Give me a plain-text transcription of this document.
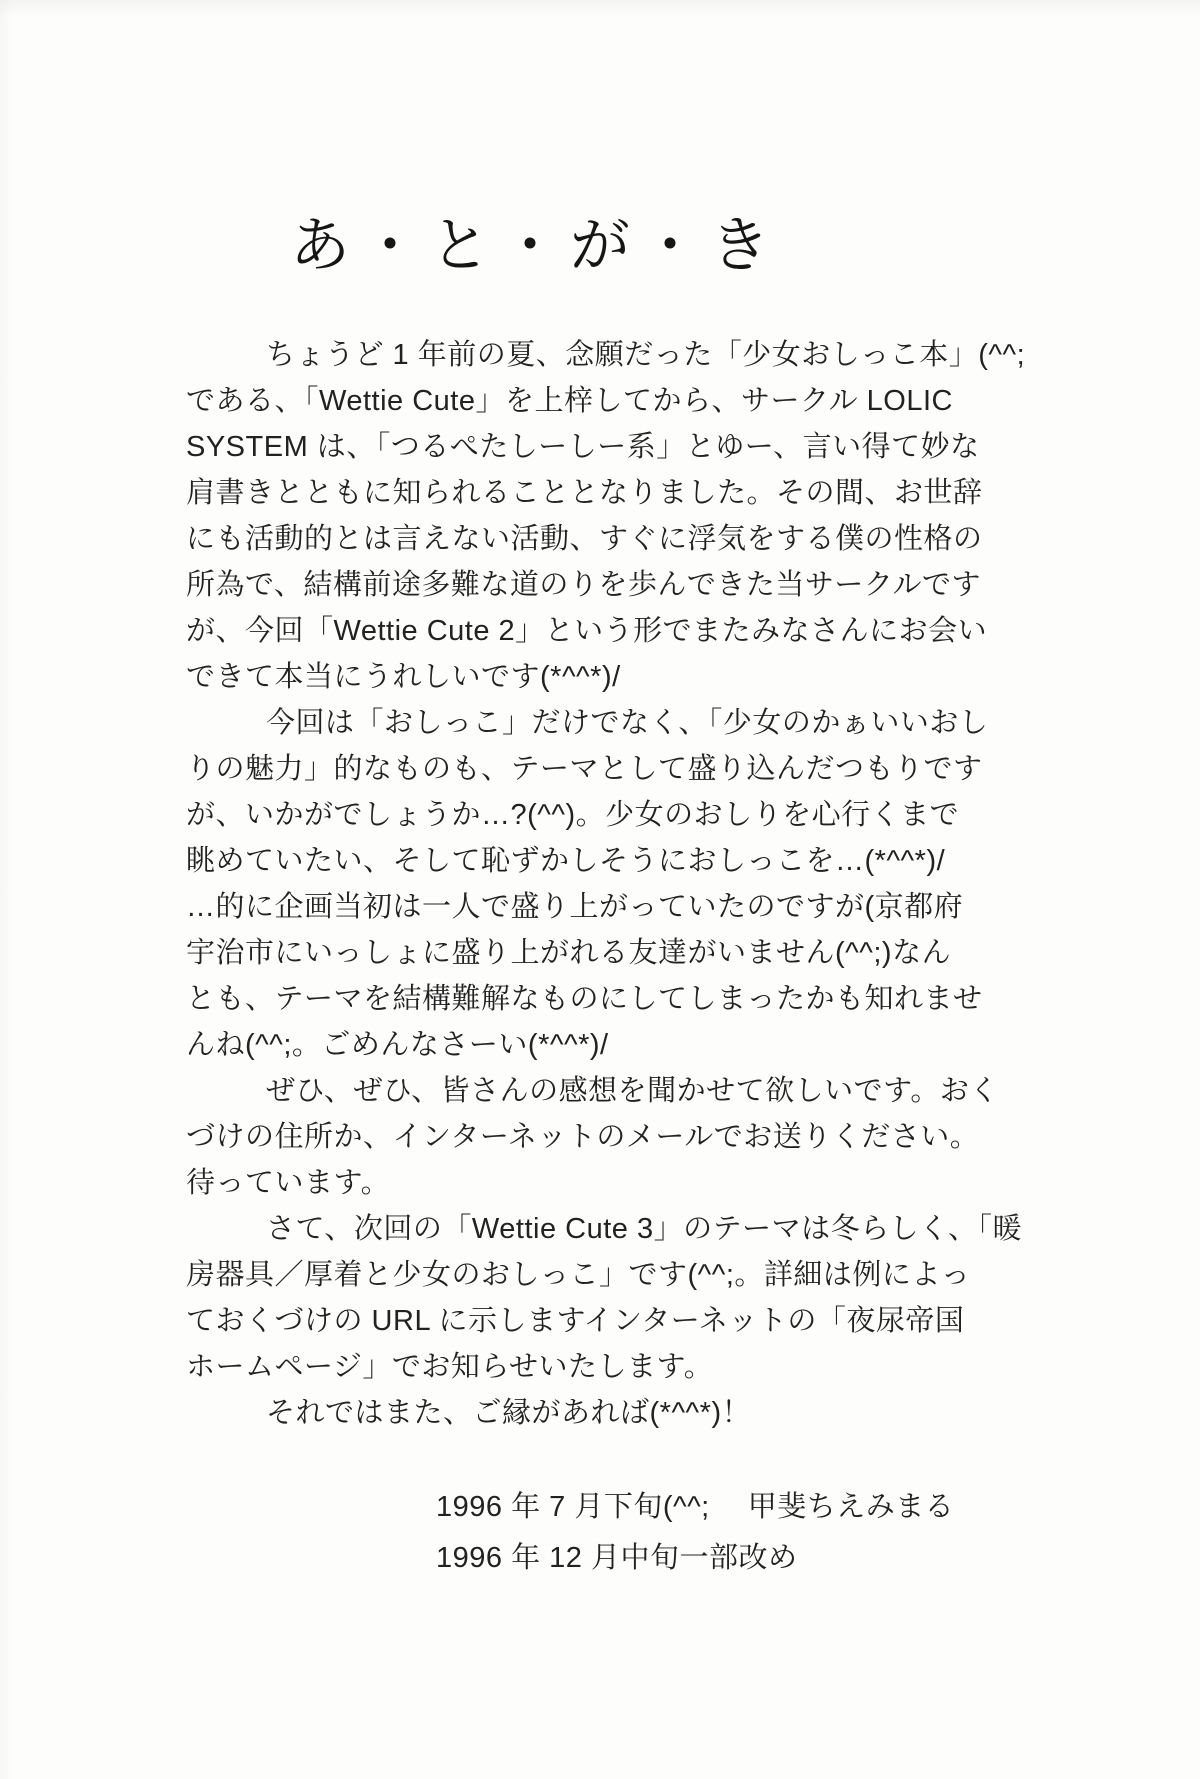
あ・と・が・き
ちょうど 1 年前の夏、念願だった「少女おしっこ本」(^^;
である、「Wettie Cute」を上梓してから、サークル LOLIC
SYSTEM は、「つるぺたしーしー系」とゆー、言い得て妙な
肩書きとともに知られることとなりました。その間、お世辞
にも活動的とは言えない活動、すぐに浮気をする僕の性格の
所為で、結構前途多難な道のりを歩んできた当サークルです
が、今回「Wettie Cute 2」という形でまたみなさんにお会い
できて本当にうれしいです(*^^*)/
今回は「おしっこ」だけでなく、「少女のかぁいいおし
りの魅力」的なものも、テーマとして盛り込んだつもりです
が、いかがでしょうか…?(^^)。少女のおしりを心行くまで
眺めていたい、そして恥ずかしそうにおしっこを…(*^^*)/
…的に企画当初は一人で盛り上がっていたのですが(京都府
宇治市にいっしょに盛り上がれる友達がいません(^^;)なん
とも、テーマを結構難解なものにしてしまったかも知れませ
んね(^^;。ごめんなさーい(*^^*)/
ぜひ、ぜひ、皆さんの感想を聞かせて欲しいです。おく
づけの住所か、インターネットのメールでお送りください。
待っています。
さて、次回の「Wettie Cute 3」のテーマは冬らしく、「暖
房器具／厚着と少女のおしっこ」です(^^;。詳細は例によっ
ておくづけの URL に示しますインターネットの「夜尿帝国
ホームページ」でお知らせいたします。
それではまた、ご縁があれば(*^^*)！
1996 年 7 月下旬(^^;　 甲斐ちえみまる
1996 年 12 月中旬一部改め
